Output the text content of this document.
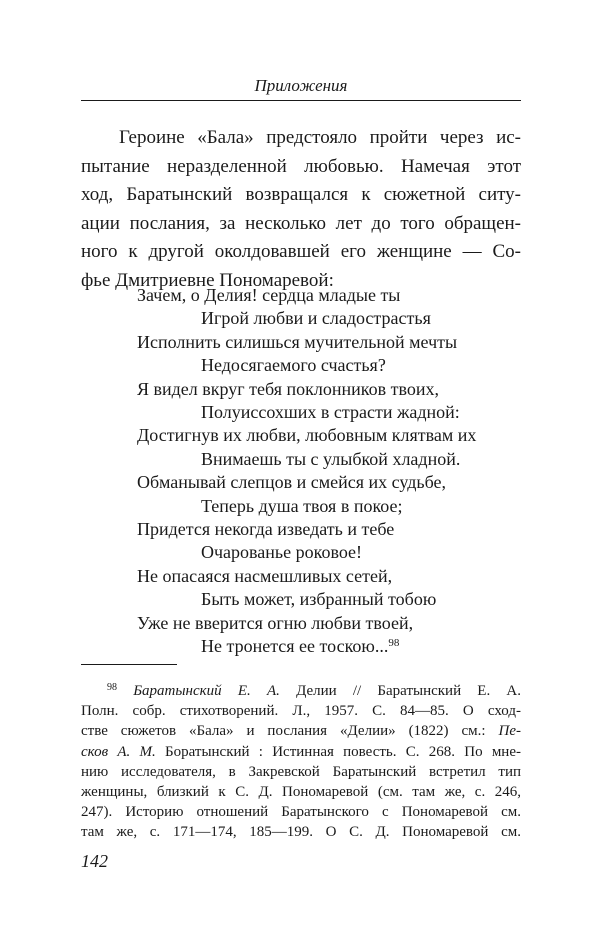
Приложения
Героине «Бала» предстояло пройти через ис-
пытание неразделенной любовью. Намечая этот
ход, Баратынский возвращался к сюжетной ситу-
ации послания, за несколько лет до того обращен-
ного к другой околдовавшей его женщине — Со-
фье Дмитриевне Пономаревой:
Зачем, о Делия! сердца младые ты
Игрой любви и сладострастья
Исполнить силишься мучительной мечты
Недосягаемого счастья?
Я видел вкруг тебя поклонников твоих,
Полуиссохших в страсти жадной:
Достигнув их любви, любовным клятвам их
Внимаешь ты с улыбкой хладной.
Обманывай слепцов и смейся их судьбе,
Теперь душа твоя в покое;
Придется некогда изведать и тебе
Очарованье роковое!
Не опасаяся насмешливых сетей,
Быть может, избранный тобою
Уже не вверится огню любви твоей,
Не тронется ее тоскою...$^{98}$
$^{98}$ Баратынский Е. А. Делии // Баратынский Е. А.
Полн. собр. стихотворений. Л., 1957. С. 84—85. О сход-
стве сюжетов «Бала» и послания «Делии» (1822) см.: Пе-
сков А. М. Боратынский : Истинная повесть. С. 268. По мне-
нию исследователя, в Закревской Баратынский встретил тип
женщины, близкий к С. Д. Пономаревой (см. там же, с. 246,
247). Историю отношений Баратынского с Пономаревой см.
там же, с. 171—174, 185—199. О С. Д. Пономаревой см.
142
